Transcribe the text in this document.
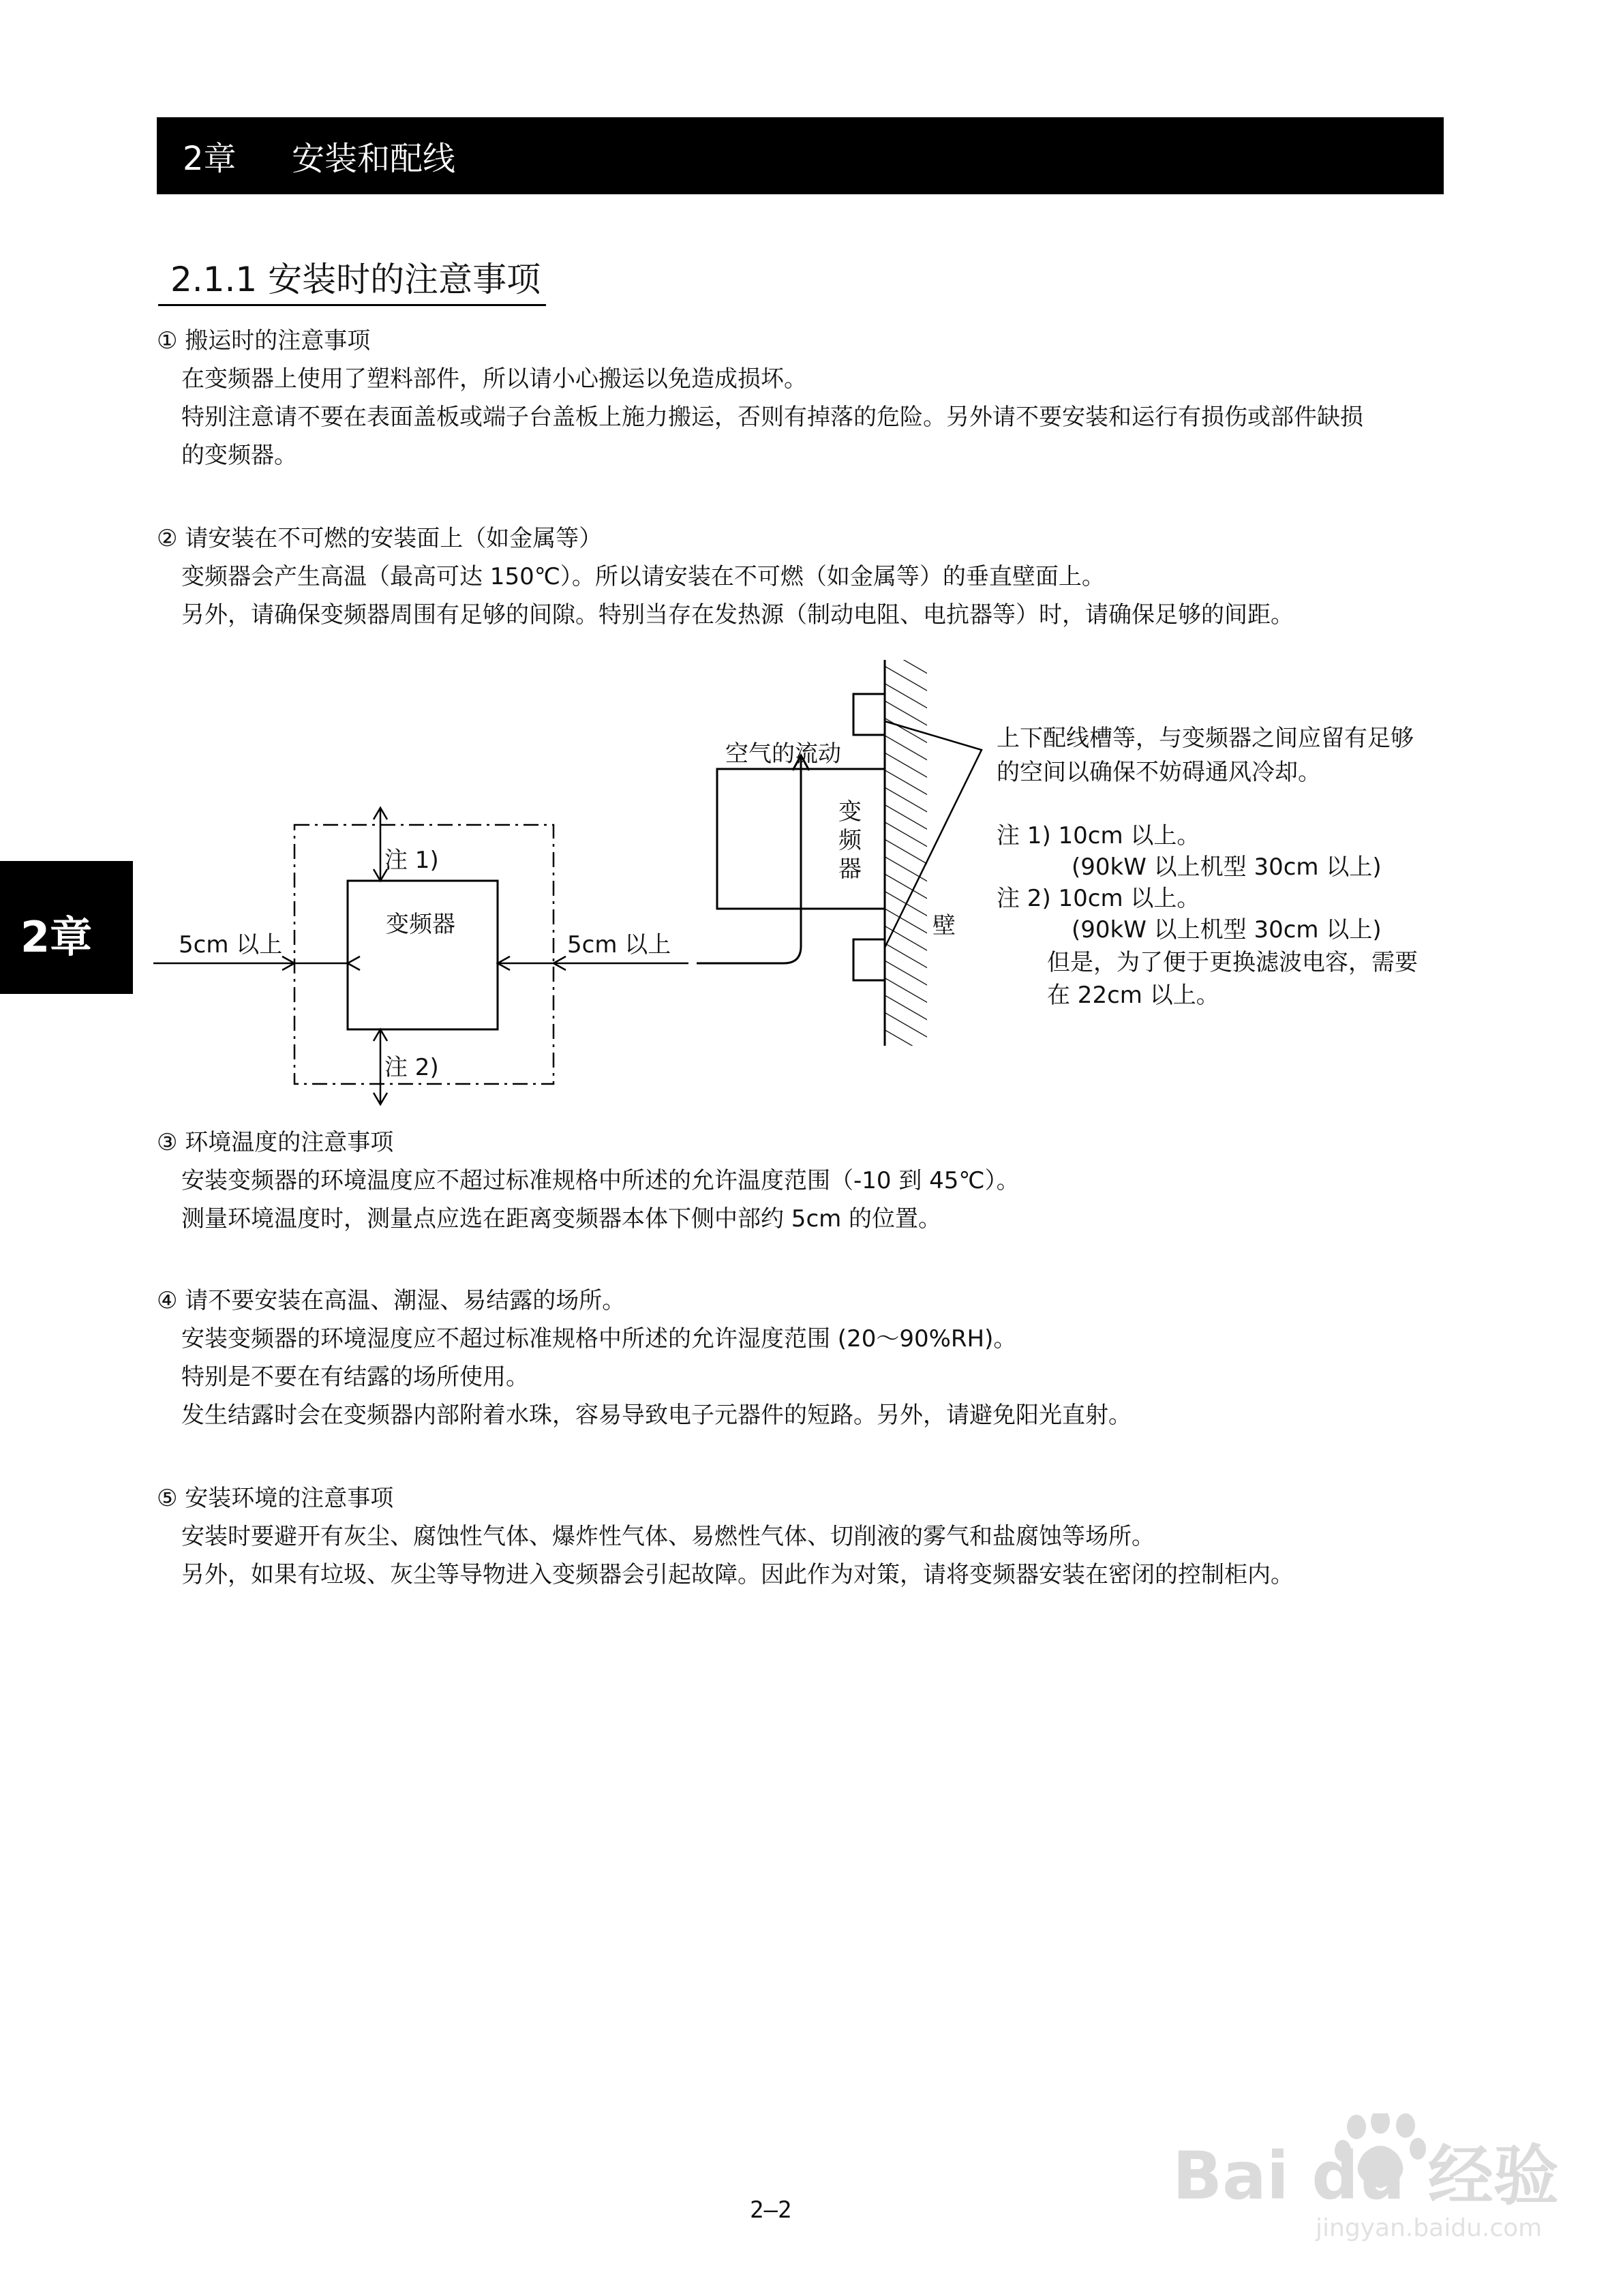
2章 安装和配线
2章
2.1.1 安装时的注意事项
① 搬运时的注意事项
在变频器上使用了塑料部件，所以请小心搬运以免造成损坏。
特别注意请不要在表面盖板或端子台盖板上施力搬运，否则有掉落的危险。另外请不要安装和运行有损伤或部件缺损
的变频器。
② 请安装在不可燃的安装面上（如金属等）
变频器会产生高温（最高可达 150℃）。所以请安装在不可燃（如金属等）的垂直壁面上。
另外，请确保变频器周围有足够的间隙。特别当存在发热源（制动电阻、电抗器等）时，请确保足够的间距。
注 1)
注 2)
变频器
5cm 以上	5cm 以上
空气的流动
变
频
器
壁
上下配线槽等，与变频器之间应留有足够
的空间以确保不妨碍通风冷却。
注 1) 10cm 以上。
(90kW 以上机型 30cm 以上)
注 2) 10cm 以上。
(90kW 以上机型 30cm 以上)
但是，为了便于更换滤波电容，需要
在 22cm 以上。
③ 环境温度的注意事项
安装变频器的环境温度应不超过标准规格中所述的允许温度范围（-10 到 45℃）。
测量环境温度时，测量点应选在距离变频器本体下侧中部约 5cm 的位置。
④ 请不要安装在高温、潮湿、易结露的场所。
安装变频器的环境湿度应不超过标准规格中所述的允许湿度范围 (20～90%RH)。
特别是不要在有结露的场所使用。
发生结露时会在变频器内部附着水珠，容易导致电子元器件的短路。另外，请避免阳光直射。
⑤ 安装环境的注意事项
安装时要避开有灰尘、腐蚀性气体、爆炸性气体、易燃性气体、切削液的雾气和盐腐蚀等场所。
另外，如果有垃圾、灰尘等导物进入变频器会引起故障。因此作为对策，请将变频器安装在密闭的控制柜内。
2—2	Bai du 经验
jingyan.baidu.com
